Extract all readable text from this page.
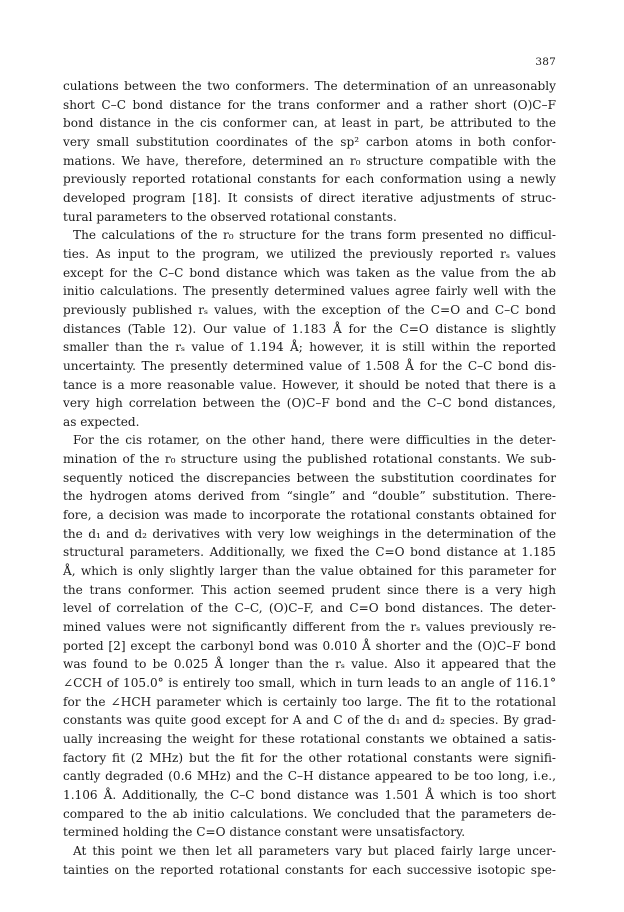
387

culations between the two conformers. The determination of an unreasonably
short C–C bond distance for the trans conformer and a rather short (O)C–F
bond distance in the cis conformer can, at least in part, be attributed to the
very small substitution coordinates of the sp² carbon atoms in both confor-
mations. We have, therefore, determined an r₀ structure compatible with the
previously reported rotational constants for each conformation using a newly
developed program [18]. It consists of direct iterative adjustments of struc-
tural parameters to the observed rotational constants.

The calculations of the r₀ structure for the trans form presented no difficul-
ties. As input to the program, we utilized the previously reported rₛ values
except for the C–C bond distance which was taken as the value from the ab
initio calculations. The presently determined values agree fairly well with the
previously published rₛ values, with the exception of the C=O and C–C bond
distances (Table 12). Our value of 1.183 Å for the C=O distance is slightly
smaller than the rₛ value of 1.194 Å; however, it is still within the reported
uncertainty. The presently determined value of 1.508 Å for the C–C bond dis-
tance is a more reasonable value. However, it should be noted that there is a
very high correlation between the (O)C–F bond and the C–C bond distances,
as expected.

For the cis rotamer, on the other hand, there were difficulties in the deter-
mination of the r₀ structure using the published rotational constants. We sub-
sequently noticed the discrepancies between the substitution coordinates for
the hydrogen atoms derived from “single” and “double” substitution. There-
fore, a decision was made to incorporate the rotational constants obtained for
the d₁ and d₂ derivatives with very low weighings in the determination of the
structural parameters. Additionally, we fixed the C=O bond distance at 1.185
Å, which is only slightly larger than the value obtained for this parameter for
the trans conformer. This action seemed prudent since there is a very high
level of correlation of the C–C, (O)C–F, and C=O bond distances. The deter-
mined values were not significantly different from the rₛ values previously re-
ported [2] except the carbonyl bond was 0.010 Å shorter and the (O)C–F bond
was found to be 0.025 Å longer than the rₛ value. Also it appeared that the
∠CCH of 105.0° is entirely too small, which in turn leads to an angle of 116.1°
for the ∠HCH parameter which is certainly too large. The fit to the rotational
constants was quite good except for A and C of the d₁ and d₂ species. By grad-
ually increasing the weight for these rotational constants we obtained a satis-
factory fit (2 MHz) but the fit for the other rotational constants were signifi-
cantly degraded (0.6 MHz) and the C–H distance appeared to be too long, i.e.,
1.106 Å. Additionally, the C–C bond distance was 1.501 Å which is too short
compared to the ab initio calculations. We concluded that the parameters de-
termined holding the C=O distance constant were unsatisfactory.

At this point we then let all parameters vary but placed fairly large uncer-
tainties on the reported rotational constants for each successive isotopic spe-
